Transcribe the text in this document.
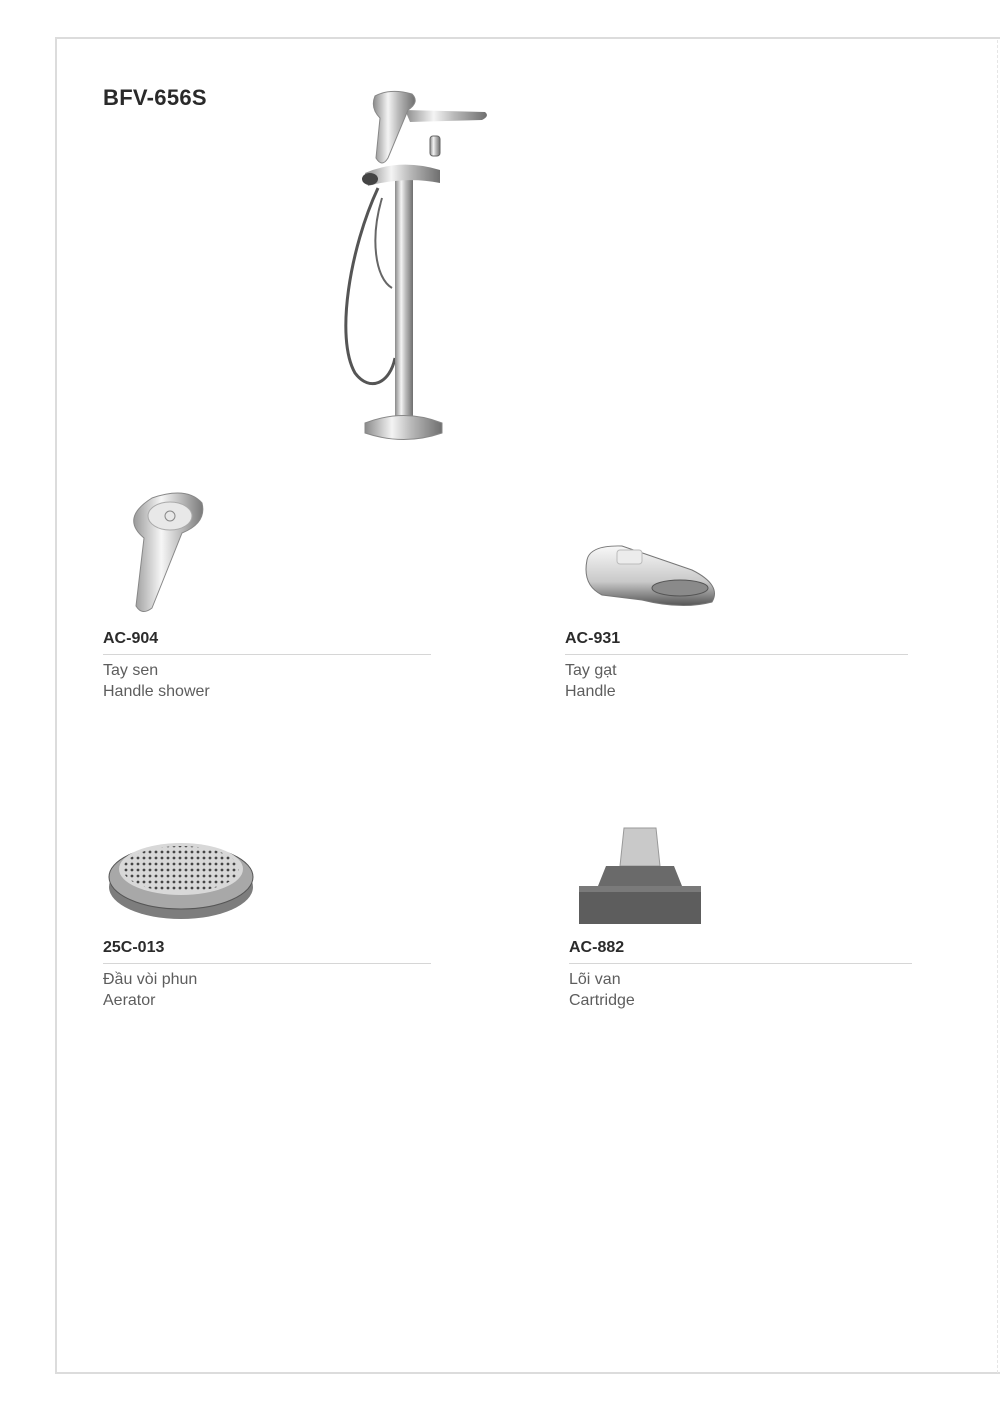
BFV-656S
AC-904
Tay sen
Handle shower
AC-931
Tay gạt
Handle
25C-013
Đầu vòi phun
Aerator
AC-882
Lõi van
Cartridge
